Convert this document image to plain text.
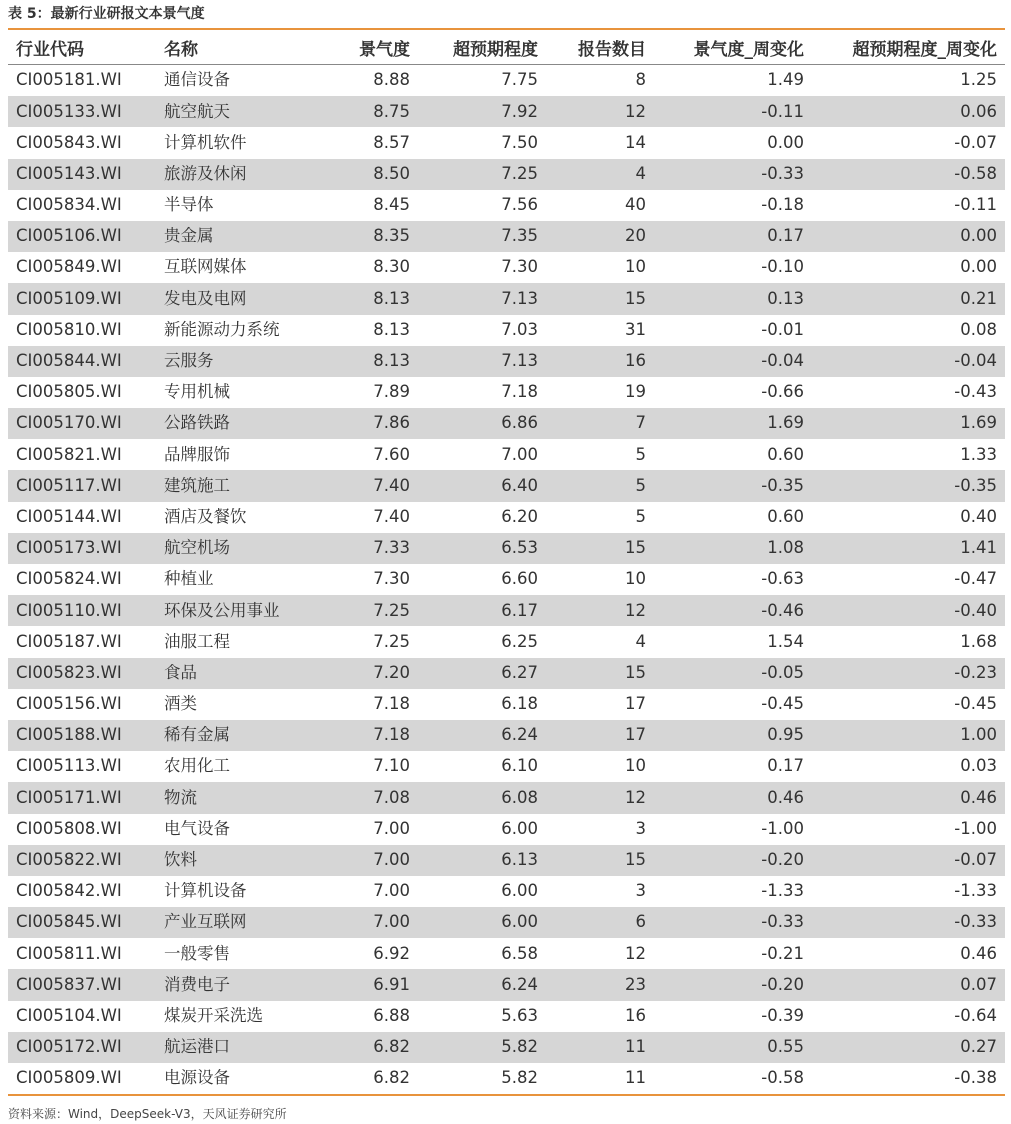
表 5：最新行业研报文本景气度
行业代码	名称	景气度	超预期程度	报告数目	景气度_周变化	超预期程度_周变化
CI005181.WI	通信设备	8.88	7.75	8	1.49	1.25
CI005133.WI	航空航天	8.75	7.92	12	-0.11	0.06
CI005843.WI	计算机软件	8.57	7.50	14	0.00	-0.07
CI005143.WI	旅游及休闲	8.50	7.25	4	-0.33	-0.58
CI005834.WI	半导体	8.45	7.56	40	-0.18	-0.11
CI005106.WI	贵金属	8.35	7.35	20	0.17	0.00
CI005849.WI	互联网媒体	8.30	7.30	10	-0.10	0.00
CI005109.WI	发电及电网	8.13	7.13	15	0.13	0.21
CI005810.WI	新能源动力系统	8.13	7.03	31	-0.01	0.08
CI005844.WI	云服务	8.13	7.13	16	-0.04	-0.04
CI005805.WI	专用机械	7.89	7.18	19	-0.66	-0.43
CI005170.WI	公路铁路	7.86	6.86	7	1.69	1.69
CI005821.WI	品牌服饰	7.60	7.00	5	0.60	1.33
CI005117.WI	建筑施工	7.40	6.40	5	-0.35	-0.35
CI005144.WI	酒店及餐饮	7.40	6.20	5	0.60	0.40
CI005173.WI	航空机场	7.33	6.53	15	1.08	1.41
CI005824.WI	种植业	7.30	6.60	10	-0.63	-0.47
CI005110.WI	环保及公用事业	7.25	6.17	12	-0.46	-0.40
CI005187.WI	油服工程	7.25	6.25	4	1.54	1.68
CI005823.WI	食品	7.20	6.27	15	-0.05	-0.23
CI005156.WI	酒类	7.18	6.18	17	-0.45	-0.45
CI005188.WI	稀有金属	7.18	6.24	17	0.95	1.00
CI005113.WI	农用化工	7.10	6.10	10	0.17	0.03
CI005171.WI	物流	7.08	6.08	12	0.46	0.46
CI005808.WI	电气设备	7.00	6.00	3	-1.00	-1.00
CI005822.WI	饮料	7.00	6.13	15	-0.20	-0.07
CI005842.WI	计算机设备	7.00	6.00	3	-1.33	-1.33
CI005845.WI	产业互联网	7.00	6.00	6	-0.33	-0.33
CI005811.WI	一般零售	6.92	6.58	12	-0.21	0.46
CI005837.WI	消费电子	6.91	6.24	23	-0.20	0.07
CI005104.WI	煤炭开采洗选	6.88	5.63	16	-0.39	-0.64
CI005172.WI	航运港口	6.82	5.82	11	0.55	0.27
CI005809.WI	电源设备	6.82	5.82	11	-0.58	-0.38
资料来源：Wind，DeepSeek-V3，天风证券研究所
